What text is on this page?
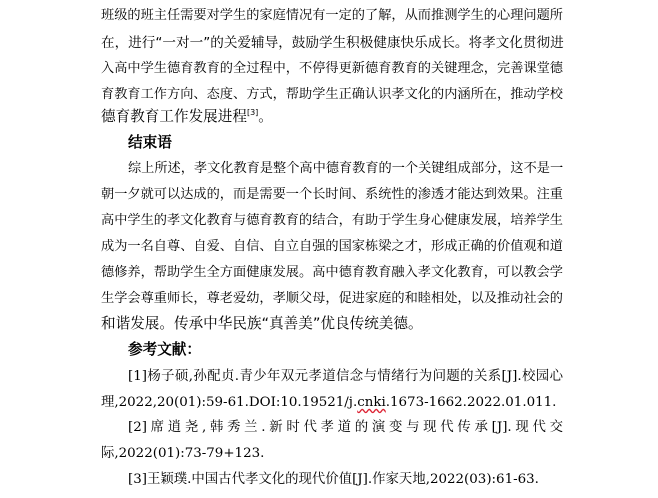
班级的班主任需要对学生的家庭情况有一定的了解，从而推测学生的心理问题所
在，进行“一对一”的关爱辅导，鼓励学生积极健康快乐成长。将孝文化贯彻进
入高中学生德育教育的全过程中，不停得更新德育教育的关键理念，完善课堂德
育教育工作方向、态度、方式，帮助学生正确认识孝文化的内涵所在，推动学校
德育教育工作发展进程[3]。
结束语
综上所述，孝文化教育是整个高中德育教育的一个关键组成部分，这不是一
朝一夕就可以达成的，而是需要一个长时间、系统性的渗透才能达到效果。注重
高中学生的孝文化教育与德育教育的结合，有助于学生身心健康发展，培养学生
成为一名自尊、自爱、自信、自立自强的国家栋梁之才，形成正确的价值观和道
德修养，帮助学生全方面健康发展。高中德育教育融入孝文化教育，可以教会学
生学会尊重师长，尊老爱幼，孝顺父母，促进家庭的和睦相处，以及推动社会的
和谐发展。传承中华民族“真善美”优良传统美德。
参考文献：
[1]杨子硕,孙配贞.青少年双元孝道信念与情绪行为问题的关系[J].校园心
理,2022,20(01):59-61.DOI:10.19521/j.cnki.1673-1662.2022.01.011.
[2]席逍尧,韩秀兰.新时代孝道的演变与现代传承[J].现代交
际,2022(01):73-79+123.
[3]王颖璞.中国古代孝文化的现代价值[J].作家天地,2022(03):61-63.
